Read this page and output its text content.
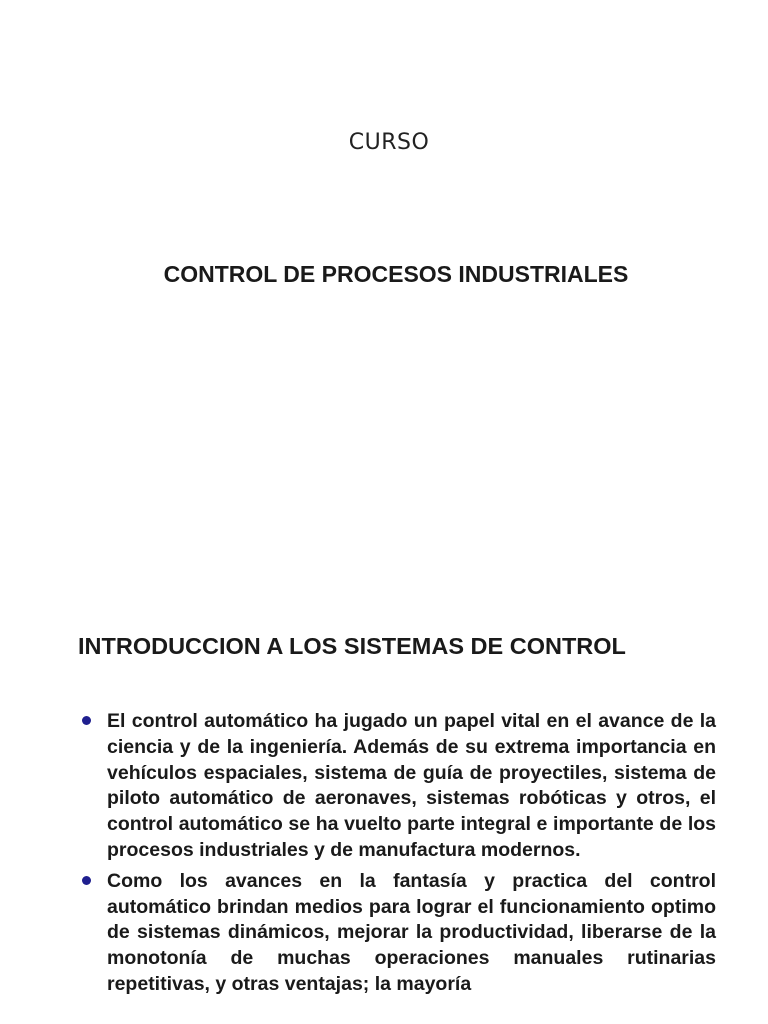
CURSO
CONTROL DE PROCESOS INDUSTRIALES
INTRODUCCION A LOS SISTEMAS DE CONTROL
El control automático ha jugado un papel vital en el avance de la ciencia y de la ingeniería. Además de su extrema importancia en vehículos espaciales, sistema de guía de proyectiles, sistema de piloto automático de aeronaves, sistemas robóticas y otros, el control automático se ha vuelto parte integral e importante de los procesos industriales y de manufactura modernos.
Como los avances en la fantasía y practica del control automático brindan medios para lograr el funcionamiento optimo de sistemas dinámicos, mejorar la productividad, liberarse de la monotonía de muchas operaciones manuales rutinarias repetitivas, y otras ventajas; la mayoría
